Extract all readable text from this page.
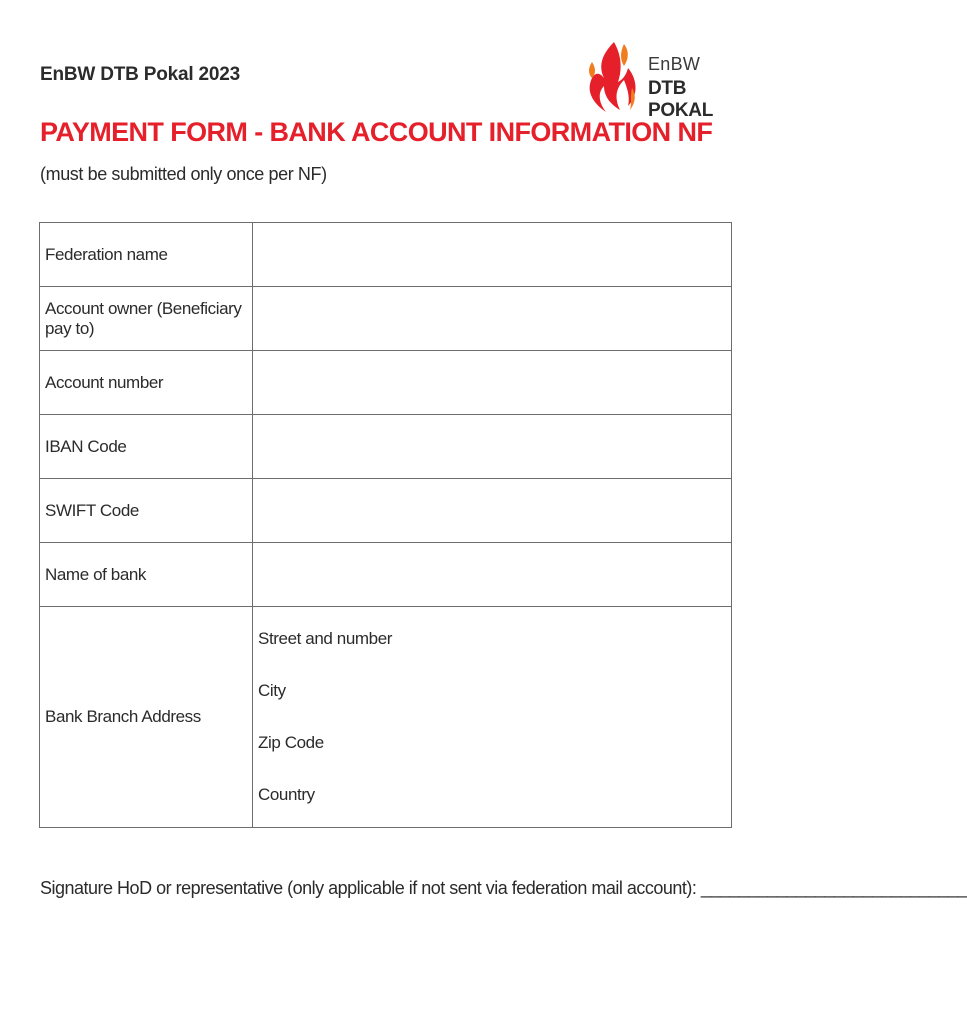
EnBW DTB Pokal 2023	EnBW
DTB POKAL
PAYMENT FORM - BANK ACCOUNT INFORMATION NF
(must be submitted only once per NF)
Federation name	
Account owner (Beneficiary pay to)	
Account number	
IBAN Code	
SWIFT Code	
Name of bank	
Bank Branch Address	Street and number
City
Zip Code
Country
Signature HoD or representative (only applicable if not sent via federation mail account): ____________________________
